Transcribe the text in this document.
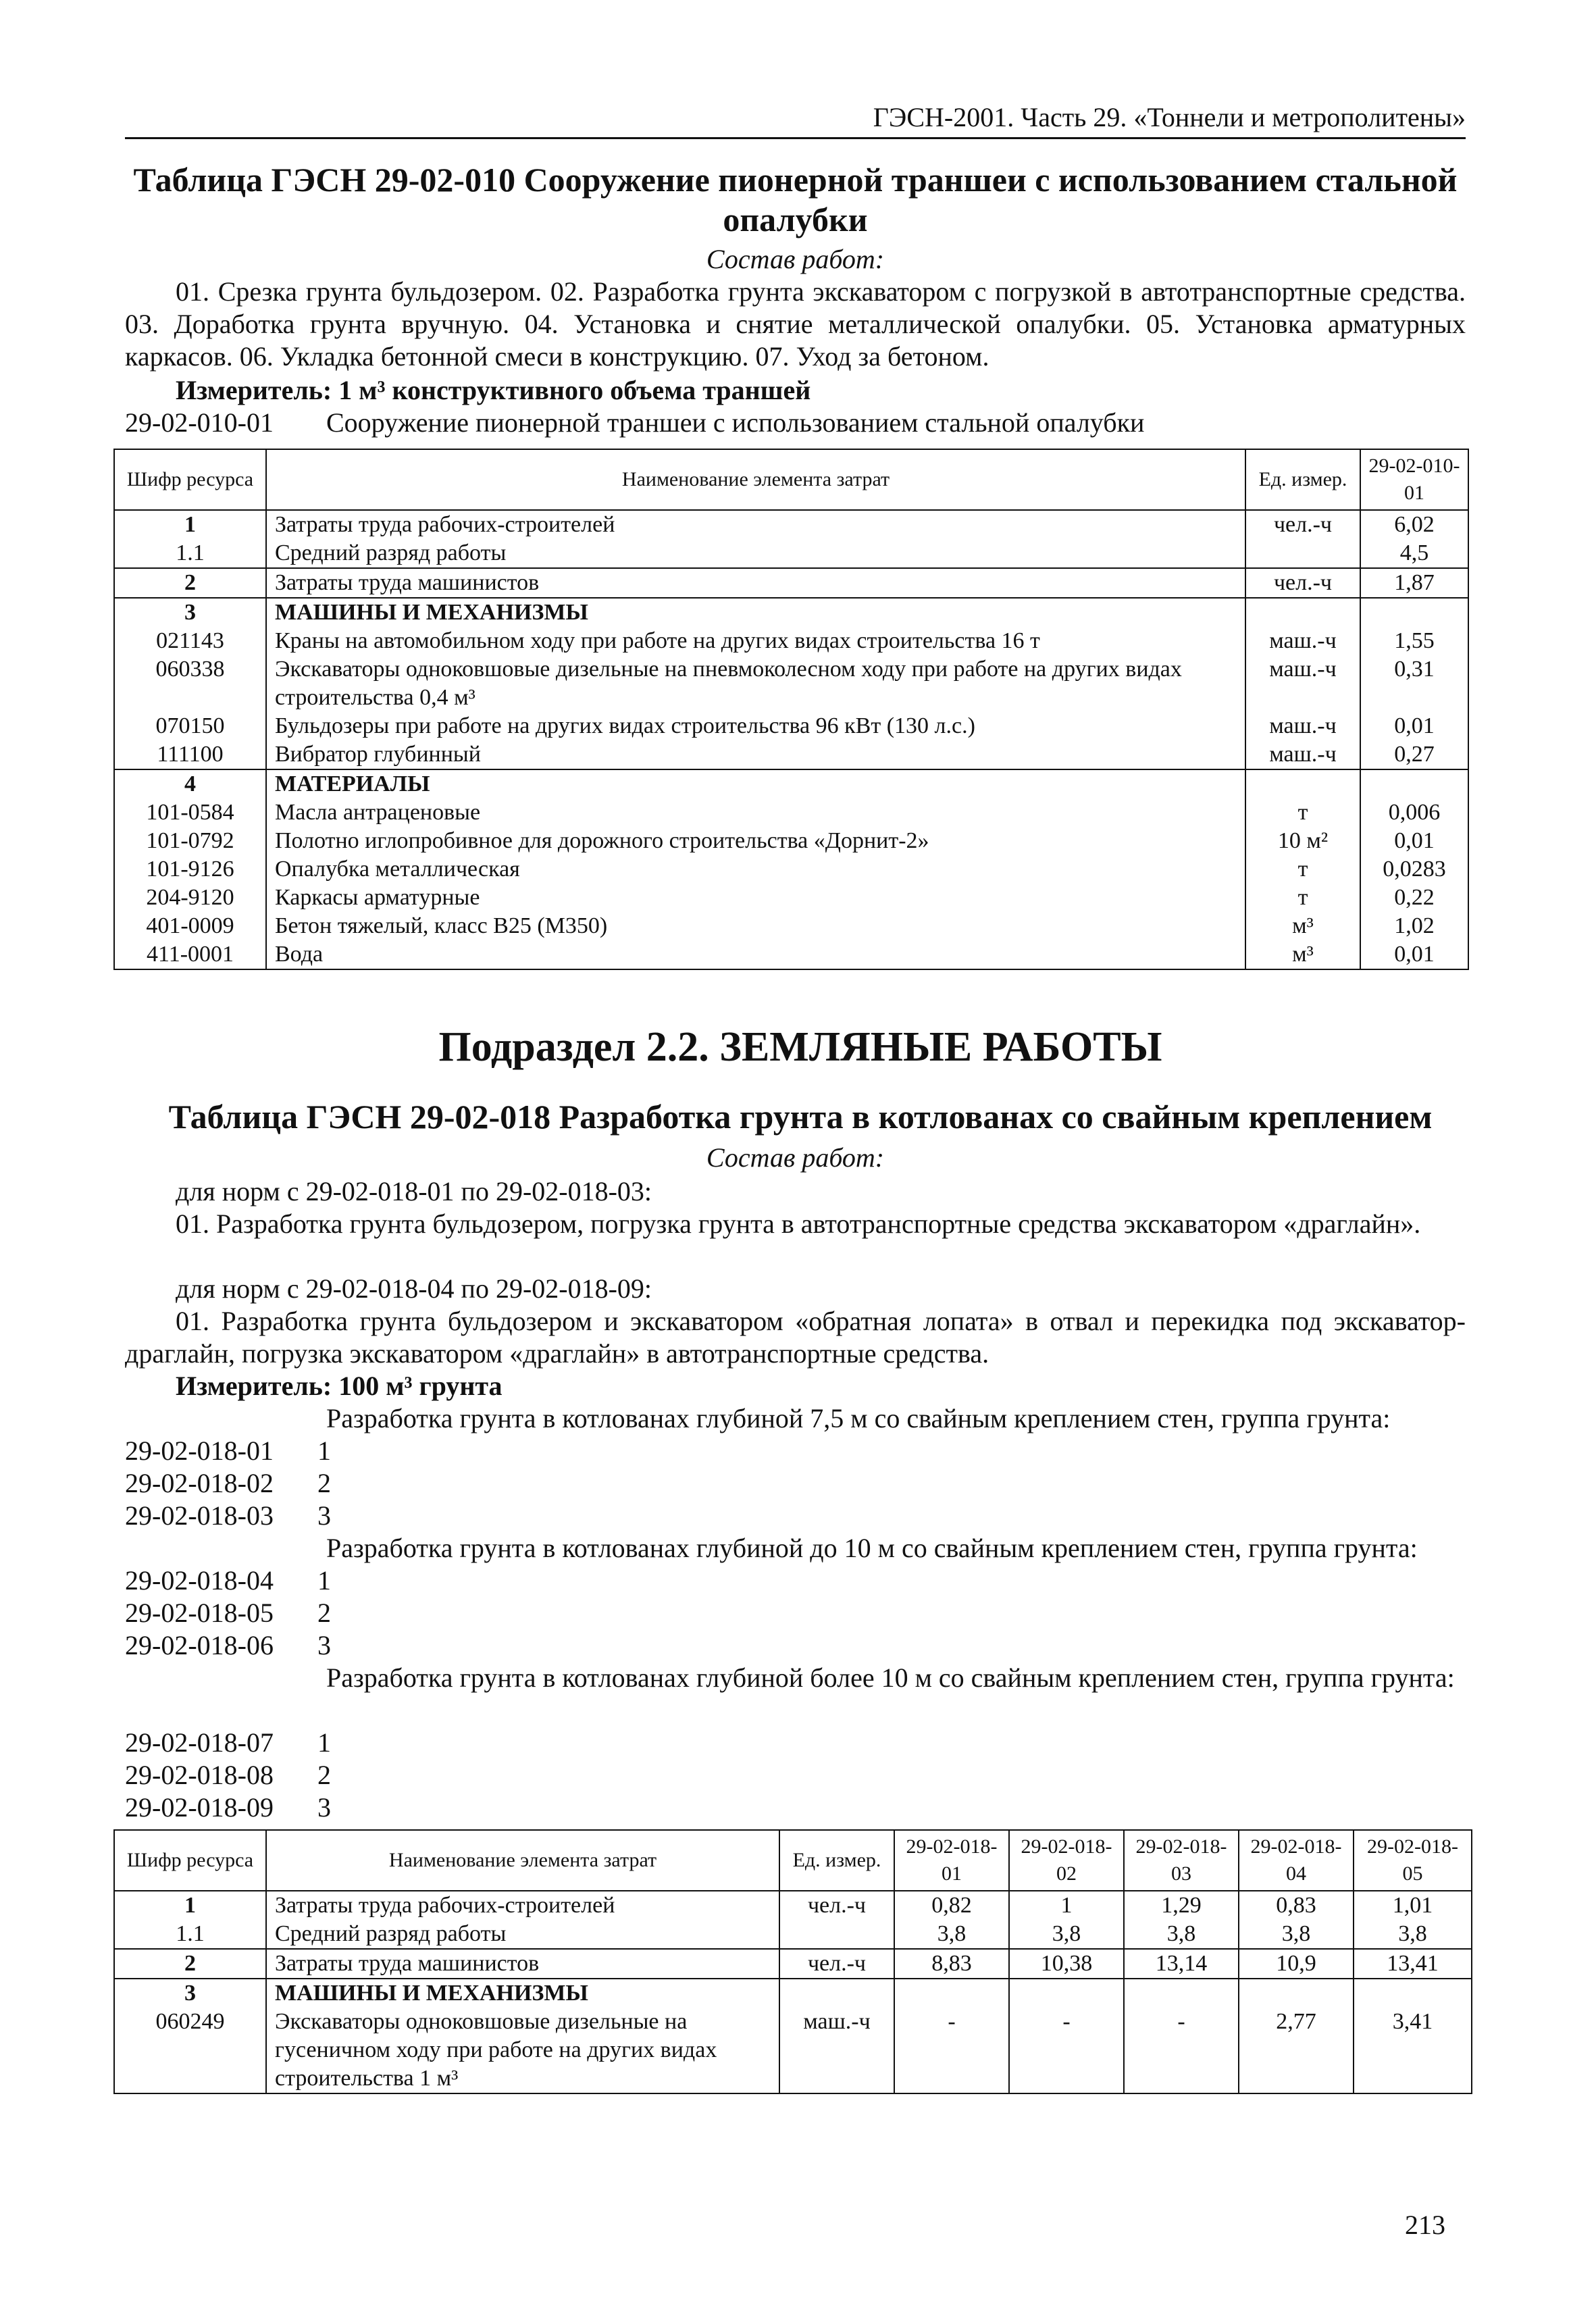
ГЭСН-2001. Часть 29. «Тоннели и метрополитены»
Таблица ГЭСН 29-02-010 Сооружение пионерной траншеи с использованием стальной
опалубки
Состав работ:
01. Срезка грунта бульдозером. 02. Разработка грунта экскаватором с погрузкой в автотранспортные средства. 03. Доработка грунта вручную. 04. Установка и снятие металлической опалубки. 05. Установка арматурных каркасов. 06. Укладка бетонной смеси в конструкцию. 07. Уход за бетоном.
Измеритель: 1 м³ конструктивного объема траншей
29-02-010-01 Сооружение пионерной траншеи с использованием стальной опалубки
Шифр ресурса	Наименование элемента затрат	Ед. измер.	29-02-010-01
1	Затраты труда рабочих-строителей	чел.-ч	6,02
1.1	Средний разряд работы		4,5
2	Затраты труда машинистов	чел.-ч	1,87
3	МАШИНЫ И МЕХАНИЗМЫ		
021143	Краны на автомобильном ходу при работе на других видах строительства 16 т	маш.-ч	1,55
060338	Экскаваторы одноковшовые дизельные на пневмоколесном ходу при работе на других видах строительства 0,4 м³	маш.-ч	0,31
070150	Бульдозеры при работе на других видах строительства 96 кВт (130 л.с.)	маш.-ч	0,01
111100	Вибратор глубинный	маш.-ч	0,27
4	МАТЕРИАЛЫ		
101-0584	Масла антраценовые	т	0,006
101-0792	Полотно иглопробивное для дорожного строительства «Дорнит-2»	10 м²	0,01
101-9126	Опалубка металлическая	т	0,0283
204-9120	Каркасы арматурные	т	0,22
401-0009	Бетон тяжелый, класс В25 (М350)	м³	1,02
411-0001	Вода	м³	0,01
Подраздел 2.2. ЗЕМЛЯНЫЕ РАБОТЫ
Таблица ГЭСН 29-02-018 Разработка грунта в котлованах со свайным креплением
Состав работ:
для норм с 29-02-018-01 по 29-02-018-03:
01. Разработка грунта бульдозером, погрузка грунта в автотранспортные средства экскаватором «драглайн».
для норм с 29-02-018-04 по 29-02-018-09:
01. Разработка грунта бульдозером и экскаватором «обратная лопата» в отвал и перекидка под экскаватор-драглайн, погрузка экскаватором «драглайн» в автотранспортные средства.
Измеритель: 100 м³ грунта
Разработка грунта в котлованах глубиной 7,5 м со свайным креплением стен, группа грунта:
29-02-018-01	1
29-02-018-02	2
29-02-018-03	3
Разработка грунта в котлованах глубиной до 10 м со свайным креплением стен, группа грунта:
29-02-018-04	1
29-02-018-05	2
29-02-018-06	3
Разработка грунта в котлованах глубиной более 10 м со свайным креплением стен, группа грунта:
29-02-018-07	1
29-02-018-08	2
29-02-018-09	3
Шифр ресурса	Наименование элемента затрат	Ед. измер.	29-02-018-01	29-02-018-02	29-02-018-03	29-02-018-04	29-02-018-05
1	Затраты труда рабочих-строителей	чел.-ч	0,82	1	1,29	0,83	1,01
1.1	Средний разряд работы		3,8	3,8	3,8	3,8	3,8
2	Затраты труда машинистов	чел.-ч	8,83	10,38	13,14	10,9	13,41
3	МАШИНЫ И МЕХАНИЗМЫ						
060249	Экскаваторы одноковшовые дизельные на гусеничном ходу при работе на других видах строительства 1 м³	маш.-ч	-	-	-	2,77	3,41
213
